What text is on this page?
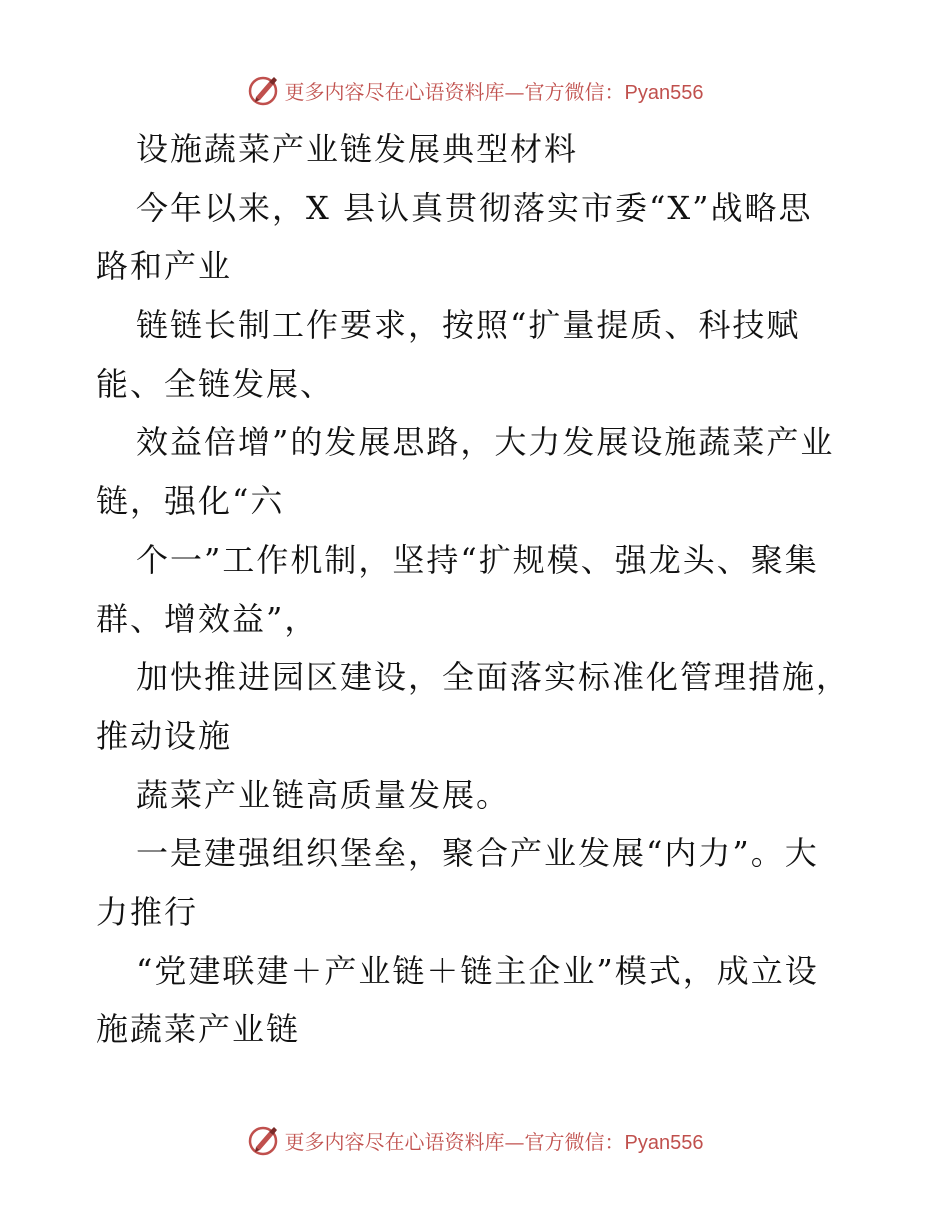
更多内容尽在心语资料库—官方微信：Pyan556
设施蔬菜产业链发展典型材料
今年以来，X 县认真贯彻落实市委“X”战略思
路和产业
链链长制工作要求，按照“扩量提质、科技赋
能、全链发展、
效益倍增”的发展思路，大力发展设施蔬菜产业
链，强化“六
个一”工作机制，坚持“扩规模、强龙头、聚集
群、增效益”，
加快推进园区建设，全面落实标准化管理措施，
推动设施
蔬菜产业链高质量发展。
一是建强组织堡垒，聚合产业发展“内力”。大
力推行
“党建联建＋产业链＋链主企业”模式，成立设
施蔬菜产业链
更多内容尽在心语资料库—官方微信：Pyan556
